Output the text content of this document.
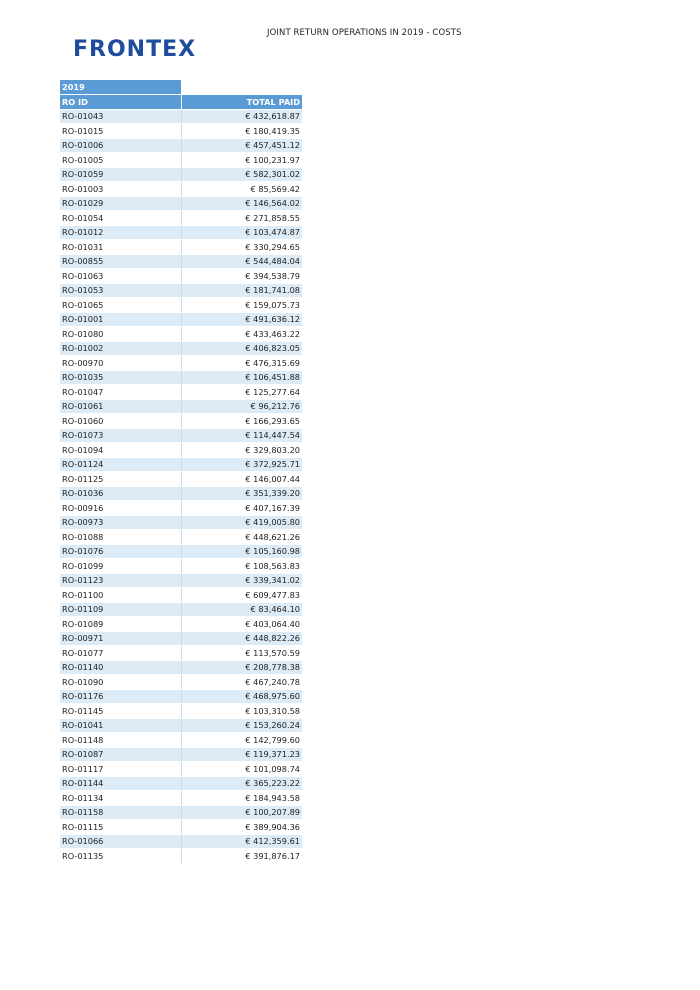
JOINT RETURN OPERATIONS IN 2019 - COSTS
FRONTEX
2019	
RO ID	TOTAL PAID
RO-01043	€ 432,618.87
RO-01015	€ 180,419.35
RO-01006	€ 457,451.12
RO-01005	€ 100,231.97
RO-01059	€ 582,301.02
RO-01003	€ 85,569.42
RO-01029	€ 146,564.02
RO-01054	€ 271,858.55
RO-01012	€ 103,474.87
RO-01031	€ 330,294.65
RO-00855	€ 544,484.04
RO-01063	€ 394,538.79
RO-01053	€ 181,741.08
RO-01065	€ 159,075.73
RO-01001	€ 491,636.12
RO-01080	€ 433,463.22
RO-01002	€ 406,823.05
RO-00970	€ 476,315.69
RO-01035	€ 106,451.88
RO-01047	€ 125,277.64
RO-01061	€ 96,212.76
RO-01060	€ 166,293.65
RO-01073	€ 114,447.54
RO-01094	€ 329,803.20
RO-01124	€ 372,925.71
RO-01125	€ 146,007.44
RO-01036	€ 351,339.20
RO-00916	€ 407,167.39
RO-00973	€ 419,005.80
RO-01088	€ 448,621.26
RO-01076	€ 105,160.98
RO-01099	€ 108,563.83
RO-01123	€ 339,341.02
RO-01100	€ 609,477.83
RO-01109	€ 83,464.10
RO-01089	€ 403,064.40
RO-00971	€ 448,822.26
RO-01077	€ 113,570.59
RO-01140	€ 208,778.38
RO-01090	€ 467,240.78
RO-01176	€ 468,975.60
RO-01145	€ 103,310.58
RO-01041	€ 153,260.24
RO-01148	€ 142,799.60
RO-01087	€ 119,371.23
RO-01117	€ 101,098.74
RO-01144	€ 365,223.22
RO-01134	€ 184,943.58
RO-01158	€ 100,207.89
RO-01115	€ 389,904.36
RO-01066	€ 412,359.61
RO-01135	€ 391,876.17
